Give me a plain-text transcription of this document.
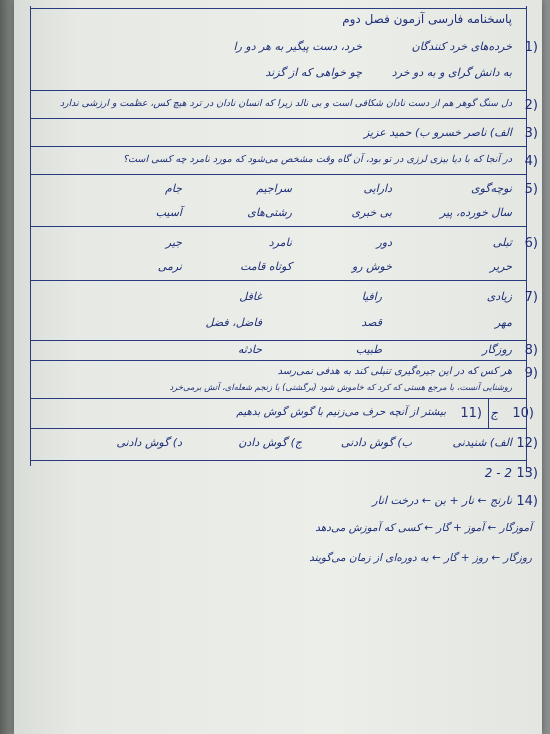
پاسخنامه فارسی آزمون فصل دوم
1)
خرده‌های خرد کنندگان
خرد، دست پیگیر به هر دو را
به دانش گرای و به دو خرد
چو خواهی که از گزند
2)
دل سنگ گوهر هم از دست نادان شکافی است و بی نالد زیرا که انسان نادان در ترد هیچ کس، عظمت و ارزشی ندارد
3)
الف) ناصر خسرو ب) حمید عزیز
4)
در آنجا که با دیا بیزی لرزی در تو بود، آن گاه وقت مشخص می‌شود که مورد نامرد چه کسی است؟
5)
نوچه‌گوی
دارایی
سراجیم
جام
سال خورده، پیر
بی خبری
رشتی‌های
آسیب
6)
تبلی
دور
نامرد
جیر
حریر
خوش رو
کوتاه قامت
نرمی
7)
زیادی
رافیا
غافل
مهر
قصد
فاضل، فضل
8)
روزگار
طبیب
حادثه
9)
هر کس که در این جیره‌گیری تنبلی کند به هدفی نمی‌رسد
روشنایی آنست، با مرجع هستی که کرد که خاموش شود (برگشتی) با زنجم شعله‌ای، آتش برمی‌خرد
10)
ج
11)
بیشتر از آنچه حرف می‌زنیم با گوش گوش بدهیم
12)
الف) شنیدنی
ب) گوش دادنی
ج) گوش دادن
د) گوش دادنی
13)
2 - 2
14)
نارنج ← نار + بن ← درخت انار
آموزگار ← آموز + گار ← کسی که آموزش می‌دهد
روزگار ← روز + گار ← به دوره‌ای از زمان می‌گویند
